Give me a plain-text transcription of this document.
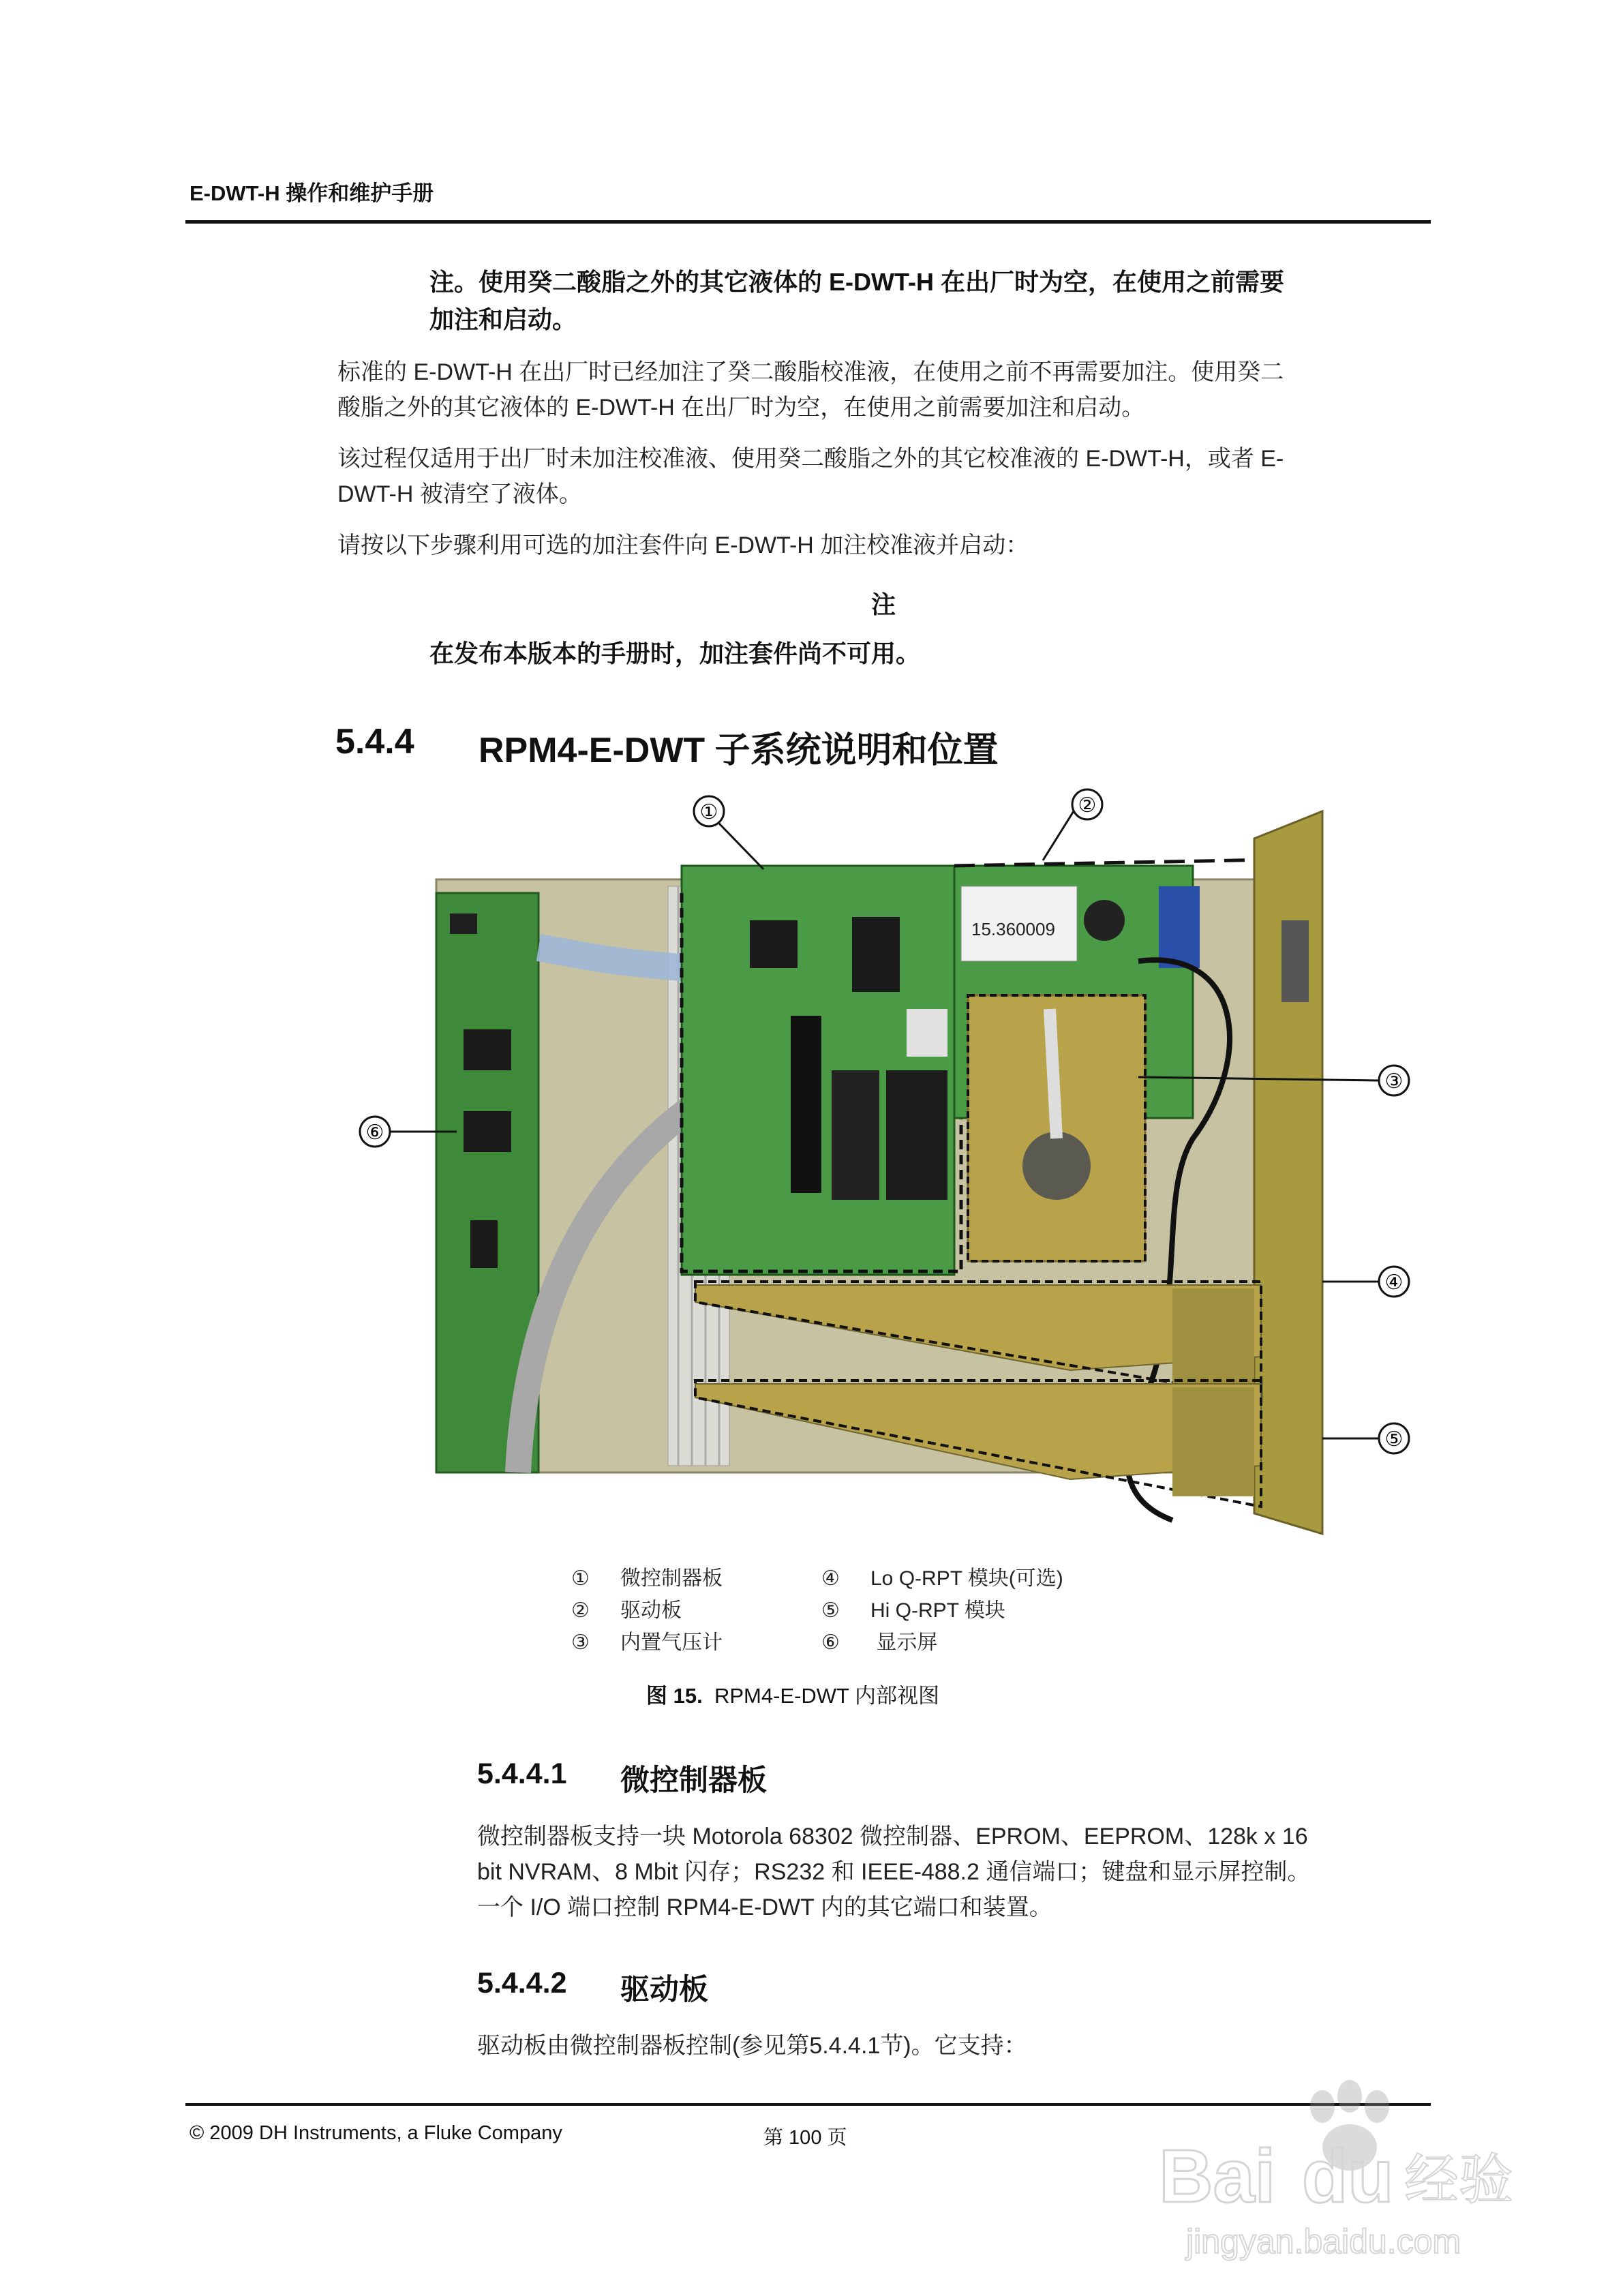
E-DWT-H 操作和维护手册
注。使用癸二酸脂之外的其它液体的 E-DWT-H 在出厂时为空，在使用之前需要
加注和启动。
标准的 E-DWT-H 在出厂时已经加注了癸二酸脂校准液，在使用之前不再需要加注。使用癸二
酸脂之外的其它液体的 E-DWT-H 在出厂时为空，在使用之前需要加注和启动。
该过程仅适用于出厂时未加注校准液、使用癸二酸脂之外的其它校准液的 E-DWT-H，或者 E-
DWT-H 被清空了液体。
请按以下步骤利用可选的加注套件向 E-DWT-H 加注校准液并启动：
注
在发布本版本的手册时，加注套件尚不可用。
5.4.4 RPM4-E-DWT 子系统说明和位置
15.360009
①	②
③
④
⑤
⑥
① 微控制器板
② 驱动板
③ 内置气压计
④ Lo Q-RPT 模块(可选)
⑤ Hi Q-RPT 模块
⑥ 显示屏
图 15. RPM4-E-DWT 内部视图
5.4.4.1 微控制器板
微控制器板支持一块 Motorola 68302 微控制器、EPROM、EEPROM、128k x 16
bit NVRAM、8 Mbit 闪存；RS232 和 IEEE-488.2 通信端口；键盘和显示屏控制。
一个 I/O 端口控制 RPM4-E-DWT 内的其它端口和装置。
5.4.4.2 驱动板
驱动板由微控制器板控制(参见第5.4.4.1节)。它支持：
© 2009 DH Instruments, a Fluke Company	第 100 页	Bai du 经验
jingyan.baidu.com
